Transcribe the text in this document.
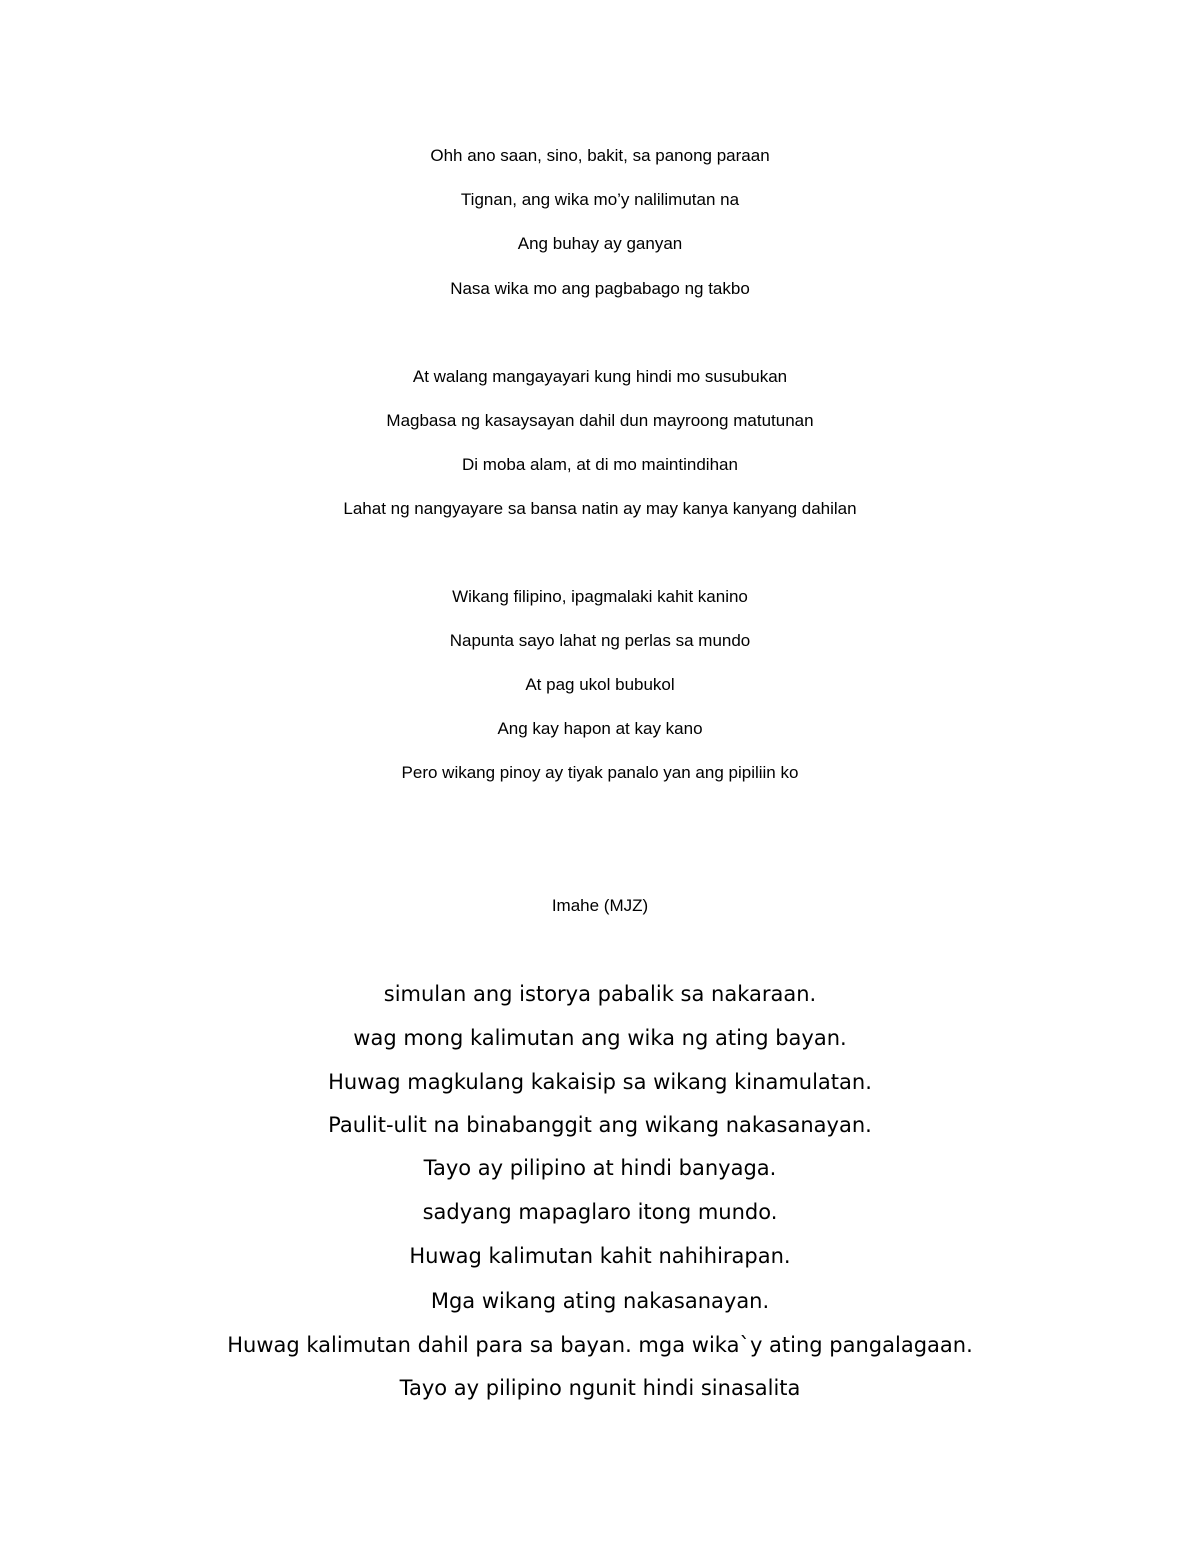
Ohh ano saan, sino, bakit, sa panong paraan
Tignan, ang wika mo’y nalilimutan na
Ang buhay ay ganyan
Nasa wika mo ang pagbabago ng takbo
At walang mangayayari kung hindi mo susubukan
Magbasa ng kasaysayan dahil dun mayroong matutunan
Di moba alam, at di mo maintindihan
Lahat ng nangyayare sa bansa natin ay may kanya kanyang dahilan
Wikang filipino, ipagmalaki kahit kanino
Napunta sayo lahat ng perlas sa mundo
At pag ukol bubukol
Ang kay hapon at kay kano
Pero wikang pinoy ay tiyak panalo yan ang pipiliin ko
Imahe (MJZ)
simulan ang istorya pabalik sa nakaraan.
wag mong kalimutan ang wika ng ating bayan.
Huwag magkulang kakaisip sa wikang kinamulatan.
Paulit-ulit na binabanggit ang wikang nakasanayan.
Tayo ay pilipino at hindi banyaga.
sadyang mapaglaro itong mundo.
Huwag kalimutan kahit nahihirapan.
Mga wikang ating nakasanayan.
Huwag kalimutan dahil para sa bayan. mga wika`y ating pangalagaan.
Tayo ay pilipino ngunit hindi sinasalita
